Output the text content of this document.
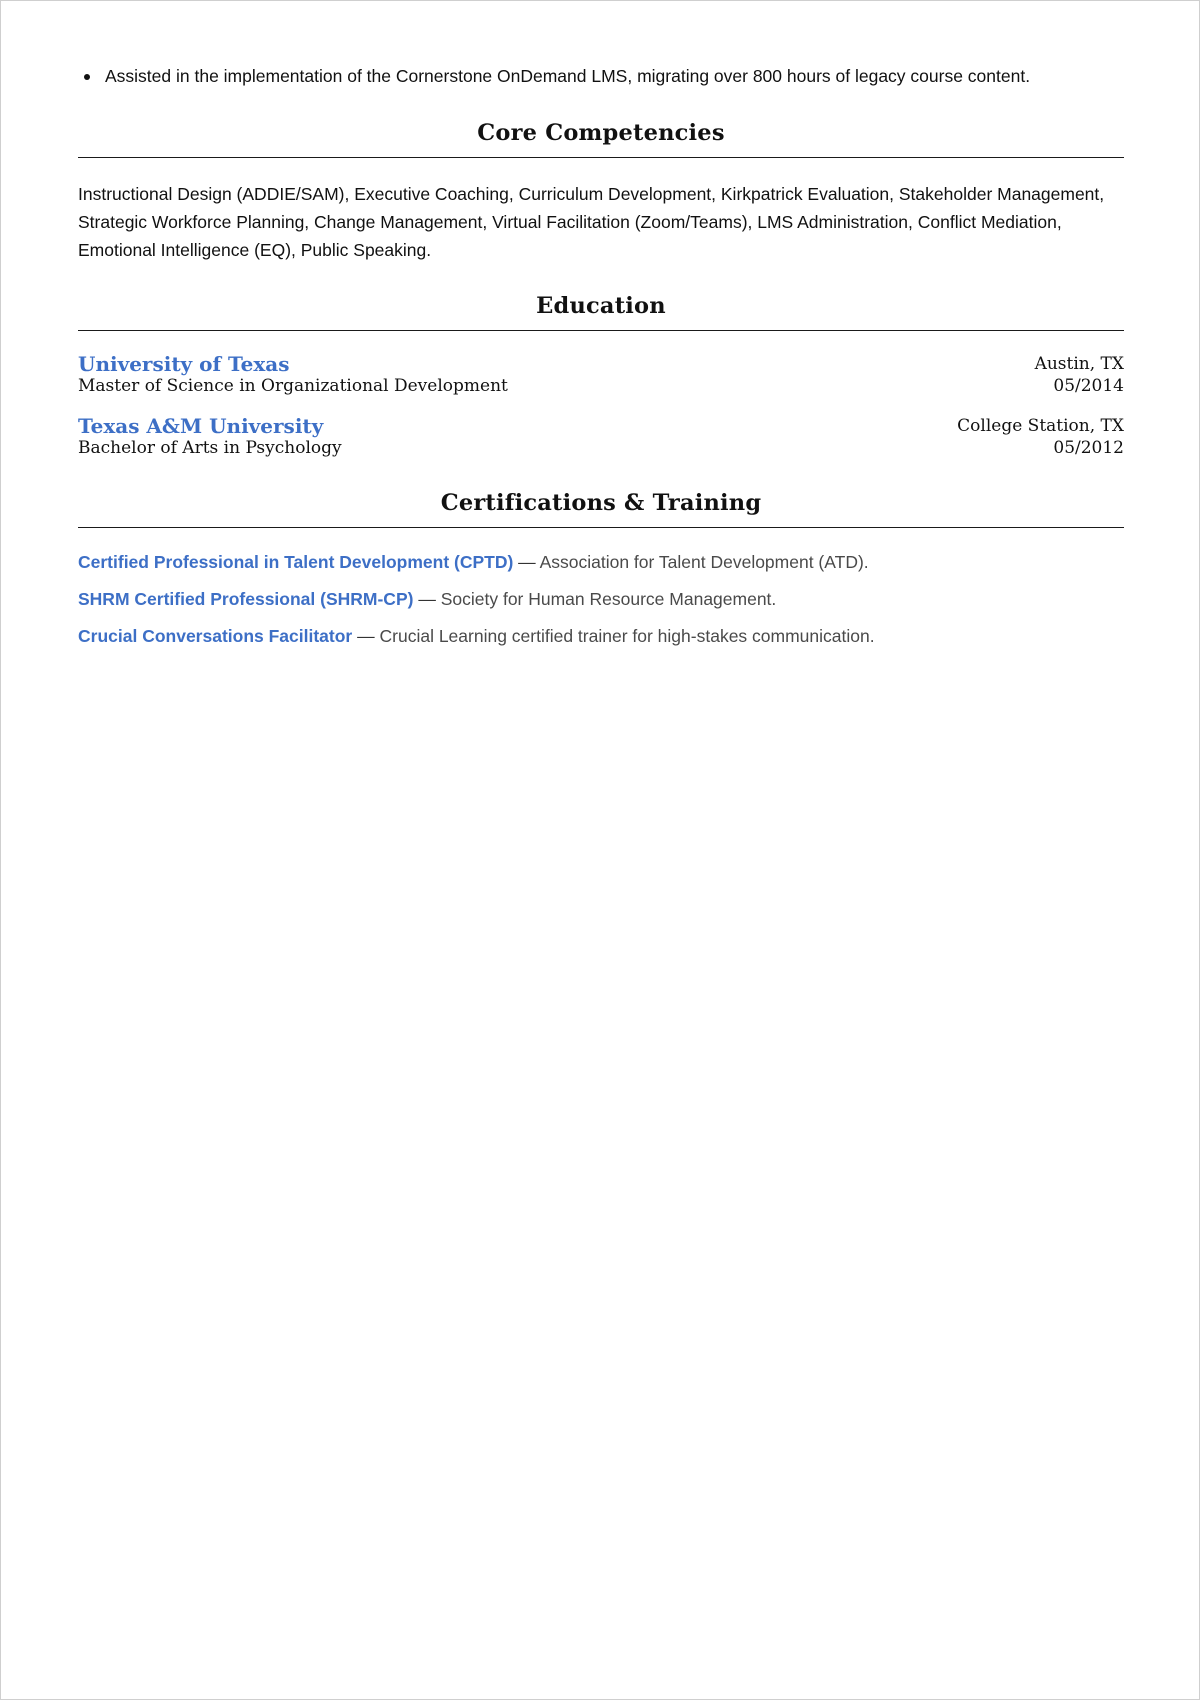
Assisted in the implementation of the Cornerstone OnDemand LMS, migrating over 800 hours of legacy course content.
Core Competencies

Instructional Design (ADDIE/SAM), Executive Coaching, Curriculum Development, Kirkpatrick Evaluation, Stakeholder Management, Strategic Workforce Planning, Change Management, Virtual Facilitation (Zoom/Teams), LMS Administration, Conflict Mediation, Emotional Intelligence (EQ), Public Speaking.

Education
University of Texas
Master of Science in Organizational Development
Austin, TX
05/2014
Texas A&M University
Bachelor of Arts in Psychology
College Station, TX
05/2012
Certifications & Training
Certified Professional in Talent Development (CPTD) — Association for Talent Development (ATD).
SHRM Certified Professional (SHRM-CP) — Society for Human Resource Management.
Crucial Conversations Facilitator — Crucial Learning certified trainer for high-stakes communication.
